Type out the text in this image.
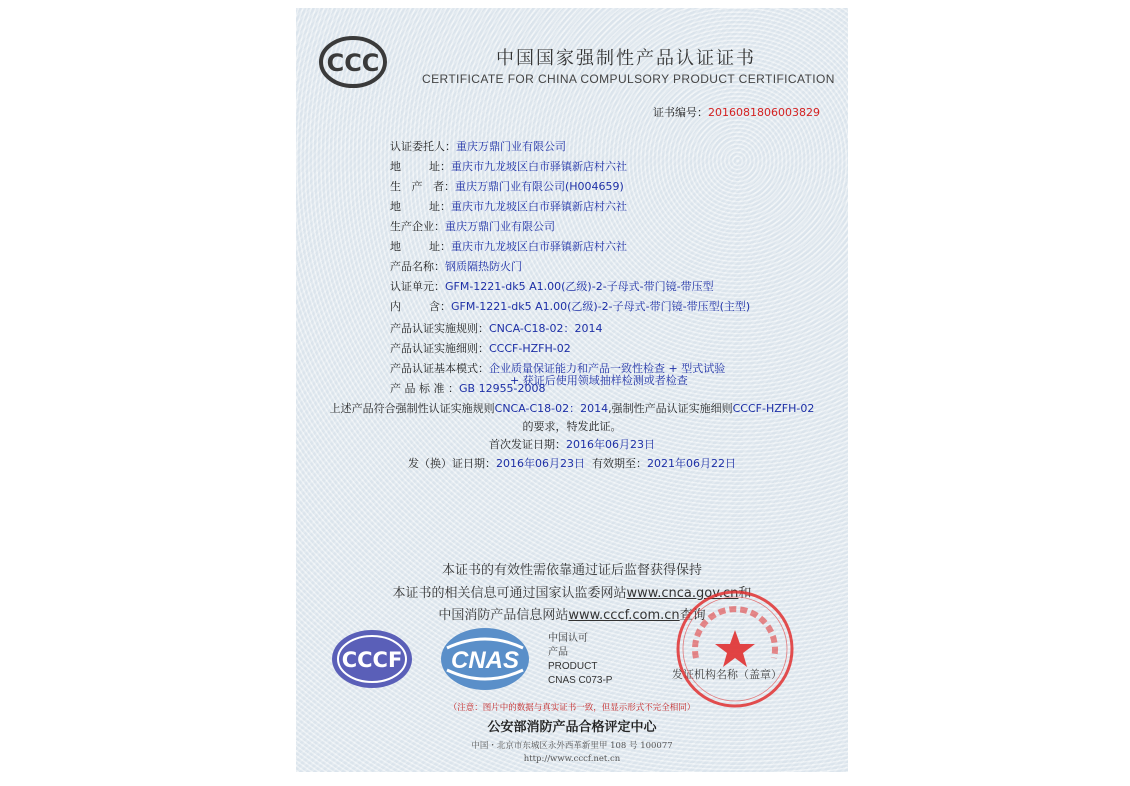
CCC	中国国家强制性产品认证证书
CERTIFICATE FOR CHINA COMPULSORY PRODUCT CERTIFICATION
证书编号：2016081806003829
认证委托人：重庆万鼎门业有限公司
地        址：重庆市九龙坡区白市驿镇新店村六社
生   产   者：重庆万鼎门业有限公司(H004659)
地        址：重庆市九龙坡区白市驿镇新店村六社
生产企业：重庆万鼎门业有限公司
地        址：重庆市九龙坡区白市驿镇新店村六社
产品名称：钢质隔热防火门
认证单元：GFM-1221-dk5 A1.00(乙级)-2-子母式-带门镜-带压型
内        含：GFM-1221-dk5 A1.00(乙级)-2-子母式-带门镜-带压型(主型)
产品认证实施规则：CNCA-C18-02：2014
产品认证实施细则：CCCF-HZFH-02
产品认证基本模式：企业质量保证能力和产品一致性检查 + 型式试验
+ 获证后使用领域抽样检测或者检查
产 品 标 准 ：GB 12955-2008
上述产品符合强制性认证实施规则CNCA-C18-02：2014,强制性产品认证实施细则CCCF-HZFH-02
的要求，特发此证。
首次发证日期：2016年06月23日
发（换）证日期：2016年06月23日 有效期至：2021年06月22日
本证书的有效性需依靠通过证后监督获得保持
本证书的相关信息可通过国家认监委网站www.cnca.gov.cn和
中国消防产品信息网站www.cccf.com.cn查询
CCCF CNAS
中国认可
产品
PRODUCT
CNAS C073-P	发证机构名称（盖章）
（注意：图片中的数据与真实证书一致，但显示形式不完全相同）
公安部消防产品合格评定中心
中国・北京市东城区永外西革新里甲 108 号 100077
http://www.cccf.net.cn
